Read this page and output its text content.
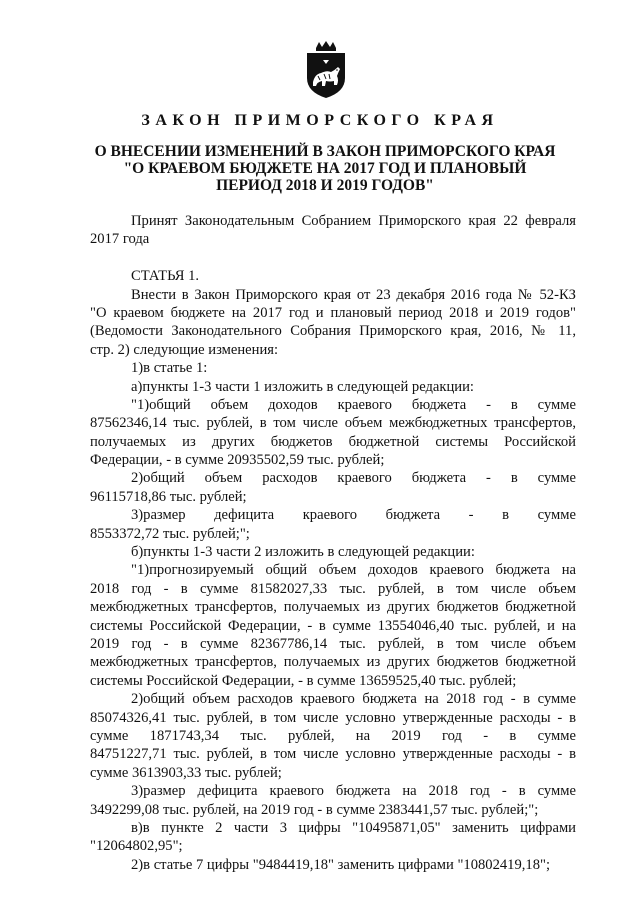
ЗАКОН ПРИМОРСКОГО КРАЯ
О ВНЕСЕНИИ ИЗМЕНЕНИЙ В ЗАКОН ПРИМОРСКОГО КРАЯ
"О КРАЕВОМ БЮДЖЕТЕ НА 2017 ГОД И ПЛАНОВЫЙ
ПЕРИОД 2018 И 2019 ГОДОВ"
Принят Законодательным Собранием Приморского края 22 февраля
2017 года
СТАТЬЯ 1.
Внести в Закон Приморского края от 23 декабря 2016 года № 52-КЗ
"О краевом бюджете на 2017 год и плановый период 2018 и 2019 годов"
(Ведомости Законодательного Собрания Приморского края, 2016, № 11,
стр. 2) следующие изменения:
1)в статье 1:
а)пункты 1-3 части 1 изложить в следующей редакции:
"1)общий объем доходов краевого бюджета - в сумме
87562346,14 тыс. рублей, в том числе объем межбюджетных трансфертов,
получаемых из других бюджетов бюджетной системы Российской
Федерации, - в сумме 20935502,59 тыс. рублей;
2)общий объем расходов краевого бюджета - в сумме
96115718,86 тыс. рублей;
3)размер дефицита краевого бюджета - в сумме
8553372,72 тыс. рублей;";
б)пункты 1-3 части 2 изложить в следующей редакции:
"1)прогнозируемый общий объем доходов краевого бюджета на
2018 год - в сумме 81582027,33 тыс. рублей, в том числе объем
межбюджетных трансфертов, получаемых из других бюджетов бюджетной
системы Российской Федерации, - в сумме 13554046,40 тыс. рублей, и на
2019 год - в сумме 82367786,14 тыс. рублей, в том числе объем
межбюджетных трансфертов, получаемых из других бюджетов бюджетной
системы Российской Федерации, - в сумме 13659525,40 тыс. рублей;
2)общий объем расходов краевого бюджета на 2018 год - в сумме
85074326,41 тыс. рублей, в том числе условно утвержденные расходы - в
сумме 1871743,34 тыс. рублей, на 2019 год - в сумме
84751227,71 тыс. рублей, в том числе условно утвержденные расходы - в
сумме 3613903,33 тыс. рублей;
3)размер дефицита краевого бюджета на 2018 год - в сумме
3492299,08 тыс. рублей, на 2019 год - в сумме 2383441,57 тыс. рублей;";
в)в пункте 2 части 3 цифры "10495871,05" заменить цифрами
"12064802,95";
2)в статье 7 цифры "9484419,18" заменить цифрами "10802419,18";
